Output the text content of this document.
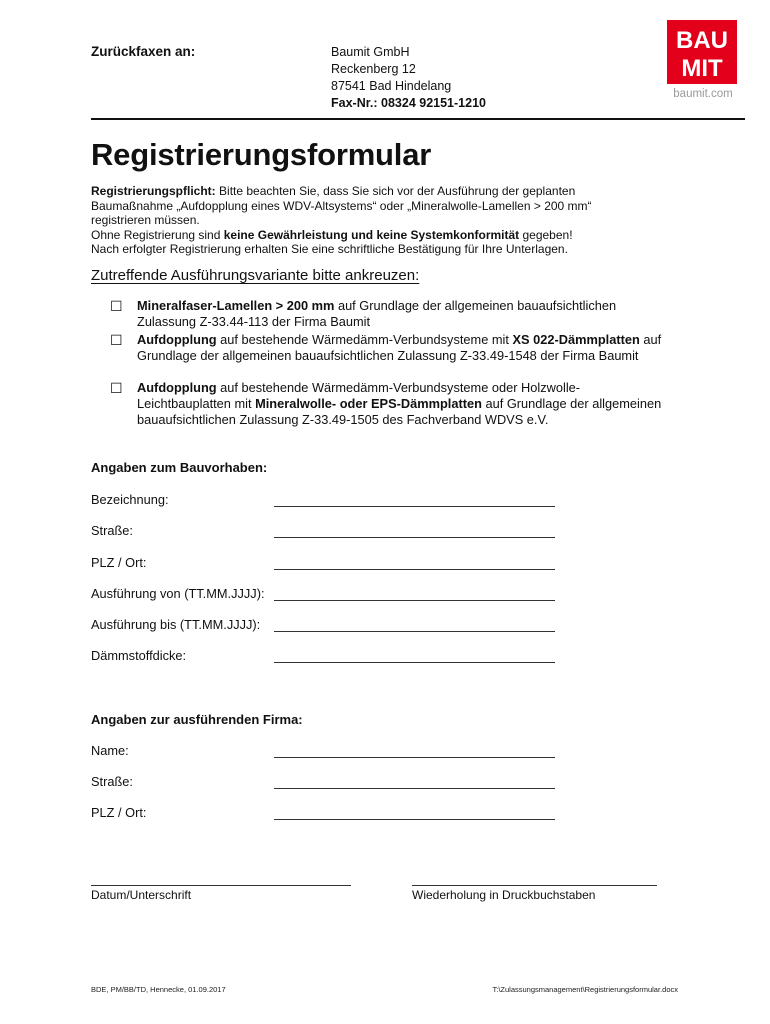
Zurückfaxen an:	Baumit GmbH
Reckenberg 12
87541 Bad Hindelang
Fax-Nr.: 08324 92151-1210
BAU
MIT
baumit.com
Registrierungsformular

Registrierungspflicht: Bitte beachten Sie, dass Sie sich vor der Ausführung der geplanten Baumaßnahme „Aufdopplung eines WDV-Altsystems“ oder „Mineralwolle-Lamellen > 200 mm“ registrieren müssen.

Ohne Registrierung sind keine Gewährleistung und keine Systemkonformität gegeben!

Nach erfolgter Registrierung erhalten Sie eine schriftliche Bestätigung für Ihre Unterlagen.

Zutreffende Ausführungsvariante bitte ankreuzen:
☐ Mineralfaser-Lamellen > 200 mm auf Grundlage der allgemeinen bauaufsichtlichen Zulassung Z-33.44-113 der Firma Baumit
☐ Aufdopplung auf bestehende Wärmedämm-Verbundsysteme mit XS 022-Dämmplatten auf Grundlage der allgemeinen bauaufsichtlichen Zulassung Z-33.49-1548 der Firma Baumit
☐ Aufdopplung auf bestehende Wärmedämm-Verbundsysteme oder Holzwolle-Leichtbauplatten mit Mineralwolle- oder EPS-Dämmplatten auf Grundlage der allgemeinen bauaufsichtlichen Zulassung Z-33.49-1505 des Fachverband WDVS e.V.
Angaben zum Bauvorhaben:
Bezeichnung:
Straße:
PLZ / Ort:
Ausführung von (TT.MM.JJJJ):
Ausführung bis (TT.MM.JJJJ):
Dämmstoffdicke:
Angaben zur ausführenden Firma:
Name:
Straße:
PLZ / Ort:
Datum/Unterschrift	Wiederholung in Druckbuchstaben
BDE, PM/BB/TD, Hennecke, 01.09.2017	T:\Zulassungsmanagement\Registrierungsformular.docx
